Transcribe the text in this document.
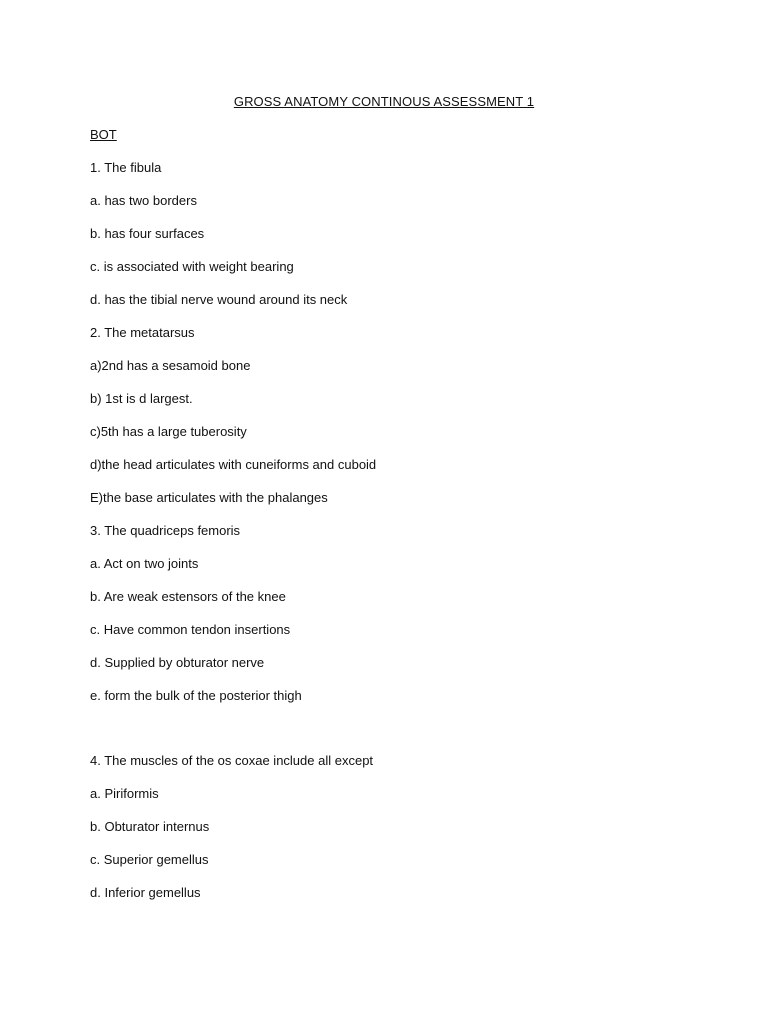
GROSS ANATOMY CONTINOUS ASSESSMENT 1
BOT
1. The fibula
a. has two borders
b. has four surfaces
c. is associated with weight bearing
d. has the tibial nerve wound around its neck
2. The metatarsus
a)2nd has a sesamoid bone
b) 1st is d largest.
c)5th has a large tuberosity
d)the head articulates with cuneiforms and cuboid
E)the base articulates with the phalanges
3. The quadriceps femoris
a. Act on two joints
b. Are weak estensors of the knee
c. Have common tendon insertions
d. Supplied by obturator nerve
e. form the bulk of the posterior thigh
4. The muscles of the os coxae include all except
a. Piriformis
b. Obturator internus
c. Superior gemellus
d. Inferior gemellus
